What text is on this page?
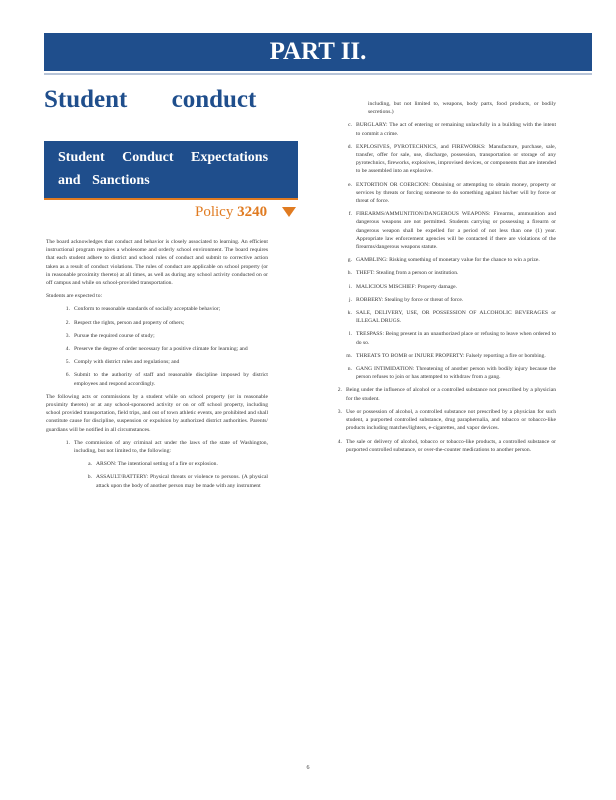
PART II.
Student conduct
Student Conduct Expectations
and Sanctions
Policy 3240

The board acknowledges that conduct and behavior is closely associated to learning. An efficient instructional program requires a wholesome and orderly school environment. The board requires that each student adhere to district and school rules of conduct and submit to corrective action taken as a result of conduct violations. The rules of conduct are applicable on school property (or in reasonable proximity thereto) at all times, as well as during any school activity conducted on or off campus and while on school-provided transportation.

Students are expected to:

1. Conform to reasonable standards of socially acceptable behavior;
2. Respect the rights, person and property of others;
3. Pursue the required course of study;
4. Preserve the degree of order necessary for a positive climate for learning; and
5. Comply with district rules and regulations; and
6. Submit to the authority of staff and reasonable discipline imposed by district employees and respond accordingly.

The following acts or commissions by a student while on school property (or in reasonable proximity thereto) or at any school-sponsored activity or on or off school property, including school provided transportation, field trips, and out of town athletic events, are prohibited and shall constitute cause for discipline, suspension or expulsion by authorized district authorities. Parents/ guardians will be notified in all circumstances.

1. The commission of any criminal act under the laws of the state of Washington, including, but not limited to, the following:
a. ARSON: The intentional setting of a fire or explosion.
b. ASSAULT/BATTERY: Physical threats or violence to persons. (A physical attack upon the body of another person may be made with any instrument

including, but not limited to, weapons, body parts, food products, or bodily secretions.)

c. BURGLARY: The act of entering or remaining unlawfully in a building with the intent to commit a crime.
d. EXPLOSIVES, PYROTECHNICS, and FIREWORKS: Manufacture, purchase, sale, transfer, offer for sale, use, discharge, possession, transportation or storage of any pyrotechnics, fireworks, explosives, improvised devices, or components that are intended to be assembled into an explosive.
e. EXTORTION OR COERCION: Obtaining or attempting to obtain money, property or services by threats or forcing someone to do something against his/her will by force or threat of force.
f. FIREARMS/AMMUNITION/DANGEROUS WEAPONS: Firearms, ammunition and dangerous weapons are not permitted. Students carrying or possessing a firearm or dangerous weapon shall be expelled for a period of not less than one (1) year. Appropriate law enforcement agencies will be contacted if there are violations of the firearms/dangerous weapons statute.
g. GAMBLING: Risking something of monetary value for the chance to win a prize.
h. THEFT: Stealing from a person or institution.
i. MALICIOUS MISCHIEF: Property damage.
j. ROBBERY: Stealing by force or threat of force.
k. SALE, DELIVERY, USE, OR POSSESSION OF ALCOHOLIC BEVERAGES or ILLEGAL DRUGS.
l. TRESPASS: Being present in an unauthorized place or refusing to leave when ordered to do so.
m. THREATS TO BOMB or INJURE PROPERTY: Falsely reporting a fire or bombing.
n. GANG INTIMIDATION: Threatening of another person with bodily injury because the person refuses to join or has attempted to withdraw from a gang.
2. Being under the influence of alcohol or a controlled substance not prescribed by a physician for the student.
3. Use or possession of alcohol, a controlled substance not prescribed by a physician for such student, a purported controlled substance, drug paraphernalia, and tobacco or tobacco-like products including matches/lighters, e-cigarettes, and vapor devices.
4. The sale or delivery of alcohol, tobacco or tobacco-like products, a controlled substance or purported controlled substance, or over-the-counter medications to another person.
6
